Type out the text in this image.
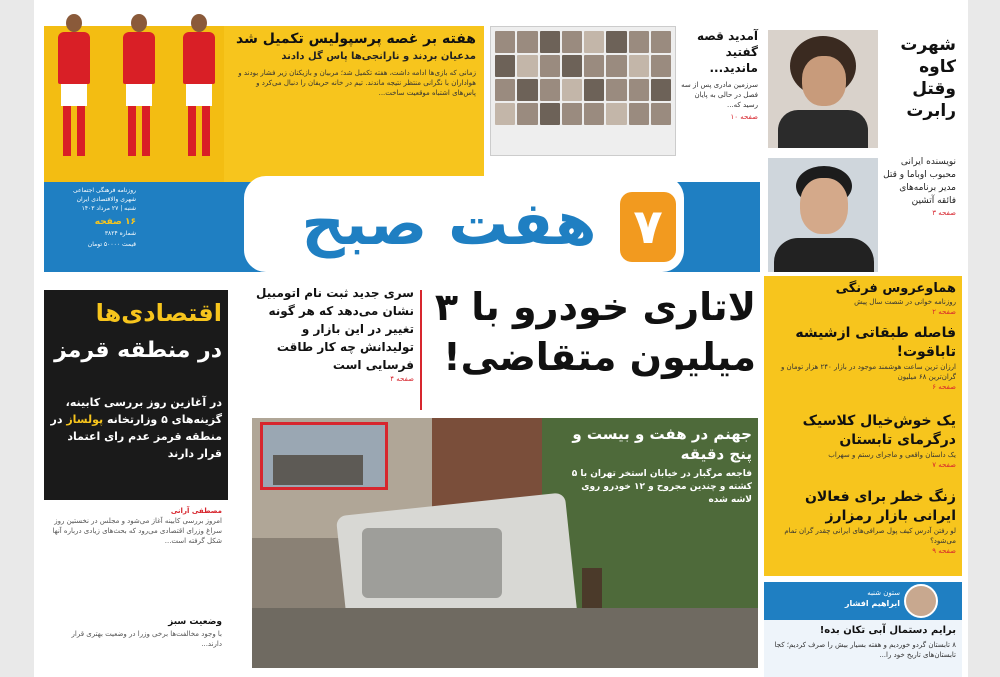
هفته بر غصه پرسپولیس تکمیل شد
مدعیان بردند و نارانجی‌ها پاس گل دادند
زمانی که بازی‌ها ادامه داشت، هفته تکمیل شد؛ مربیان و بازیکنان زیر فشار بودند و هواداران با نگرانی منتظر نتیجه ماندند. تیم در خانه حریفان را دنبال می‌کرد و پاس‌های اشتباه موقعیت ساخت...
آمدید قصه گفتید ماندید...
سرزمین مادری پس از سه فصل در حالی به پایان رسید که...
صفحه ۱۰
شهرت کاوه وقتل رابرت
هفت صبح ۷
روزنامه فرهنگی اجتماعی
شهری والاقتصادی ایران
شنبه | ۲۷ مرداد ۱۴۰۳
۱۶ صفحه
شماره ۳۸۲۴
قیمت ۵۰۰۰۰ تومان
نویسنده ایرانی محبوب اوباما و قتل مدیر برنامه‌های فائقه آتشین
صفحه ۳
هماوعروس فرنگی
روزنامه خوانی در شصت سال پیش
صفحه ۲
فاصله طبقاتی ازشیشه تاباقوت!
ارزان ترین ساعت هوشمند موجود در بازار ۲۴۰ هزار تومان و گران‌ترین ۶۸ میلیون
صفحه ۶
یک خوش‌خیال کلاسیک درگرمای تابستان
یک داستان واقعی و ماجرای رستم و سهراب
صفحه ۷
زنگ خطر برای فعالان ایرانی بازار رمزارز
لو رفتن آدرس کیف پول صرافی‌های ایرانی چقدر گران تمام می‌شود؟
صفحه ۹
ستون شنبه
ابراهیم افشار
برایم دستمال آبی تکان بده!
۸ تابستان گردو خوردیم و هفته بسیار بیش را صرف کردیم؛ کجا تابستان‌های تاریخ خود را...
لاتاری خودرو با ۳ میلیون متقاضی!
سری جدید ثبت نام اتومبیل نشان می‌دهد که هر گونه تغییر در این بازار و تولیدانش چه کار طاقت فرسایی است
صفحه ۴
اقتصادی‌ها
در منطقه قرمز
در آغازین روز بررسی کابینه، گزینه‌های ۵ وزارتخانه پولساز در منطقه قرمز عدم رای اعتماد قرار دارند
مصطفی آرانی
امروز بررسی کابینه آغاز می‌شود و مجلس در نخستین روز سراغ وزرای اقتصادی می‌رود که بحث‌های زیادی درباره آنها شکل گرفته است...
وضعیت سبز
با وجود مخالفت‌ها برخی وزرا در وضعیت بهتری قرار دارند...
جهنم در هفت و بیست و پنج دقیقه
فاجعه مرگبار در خیابان استخر تهران با ۵ کشته و چندین مجروح و ۱۲ خودرو روی لاشه شده
